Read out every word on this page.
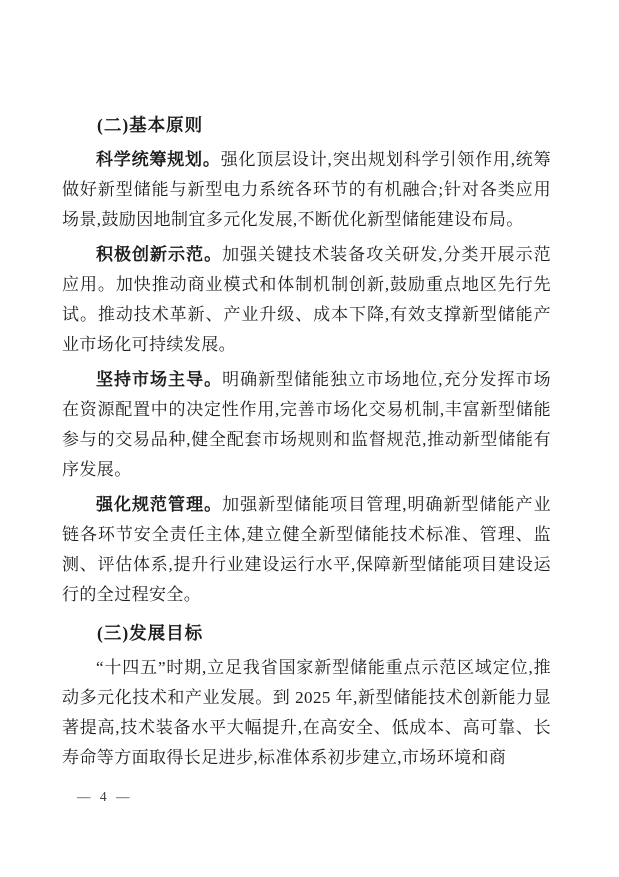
(二)基本原则

科学统筹规划。强化顶层设计,突出规划科学引领作用,统筹做好新型储能与新型电力系统各环节的有机融合;针对各类应用场景,鼓励因地制宜多元化发展,不断优化新型储能建设布局。

积极创新示范。加强关键技术装备攻关研发,分类开展示范应用。加快推动商业模式和体制机制创新,鼓励重点地区先行先试。推动技术革新、产业升级、成本下降,有效支撑新型储能产业市场化可持续发展。

坚持市场主导。明确新型储能独立市场地位,充分发挥市场在资源配置中的决定性作用,完善市场化交易机制,丰富新型储能参与的交易品种,健全配套市场规则和监督规范,推动新型储能有序发展。

强化规范管理。加强新型储能项目管理,明确新型储能产业链各环节安全责任主体,建立健全新型储能技术标准、管理、监测、评估体系,提升行业建设运行水平,保障新型储能项目建设运行的全过程安全。

(三)发展目标

“十四五”时期,立足我省国家新型储能重点示范区域定位,推动多元化技术和产业发展。到 2025 年,新型储能技术创新能力显著提高,技术装备水平大幅提升,在高安全、低成本、高可靠、长寿命等方面取得长足进步,标准体系初步建立,市场环境和商

— 4 —
